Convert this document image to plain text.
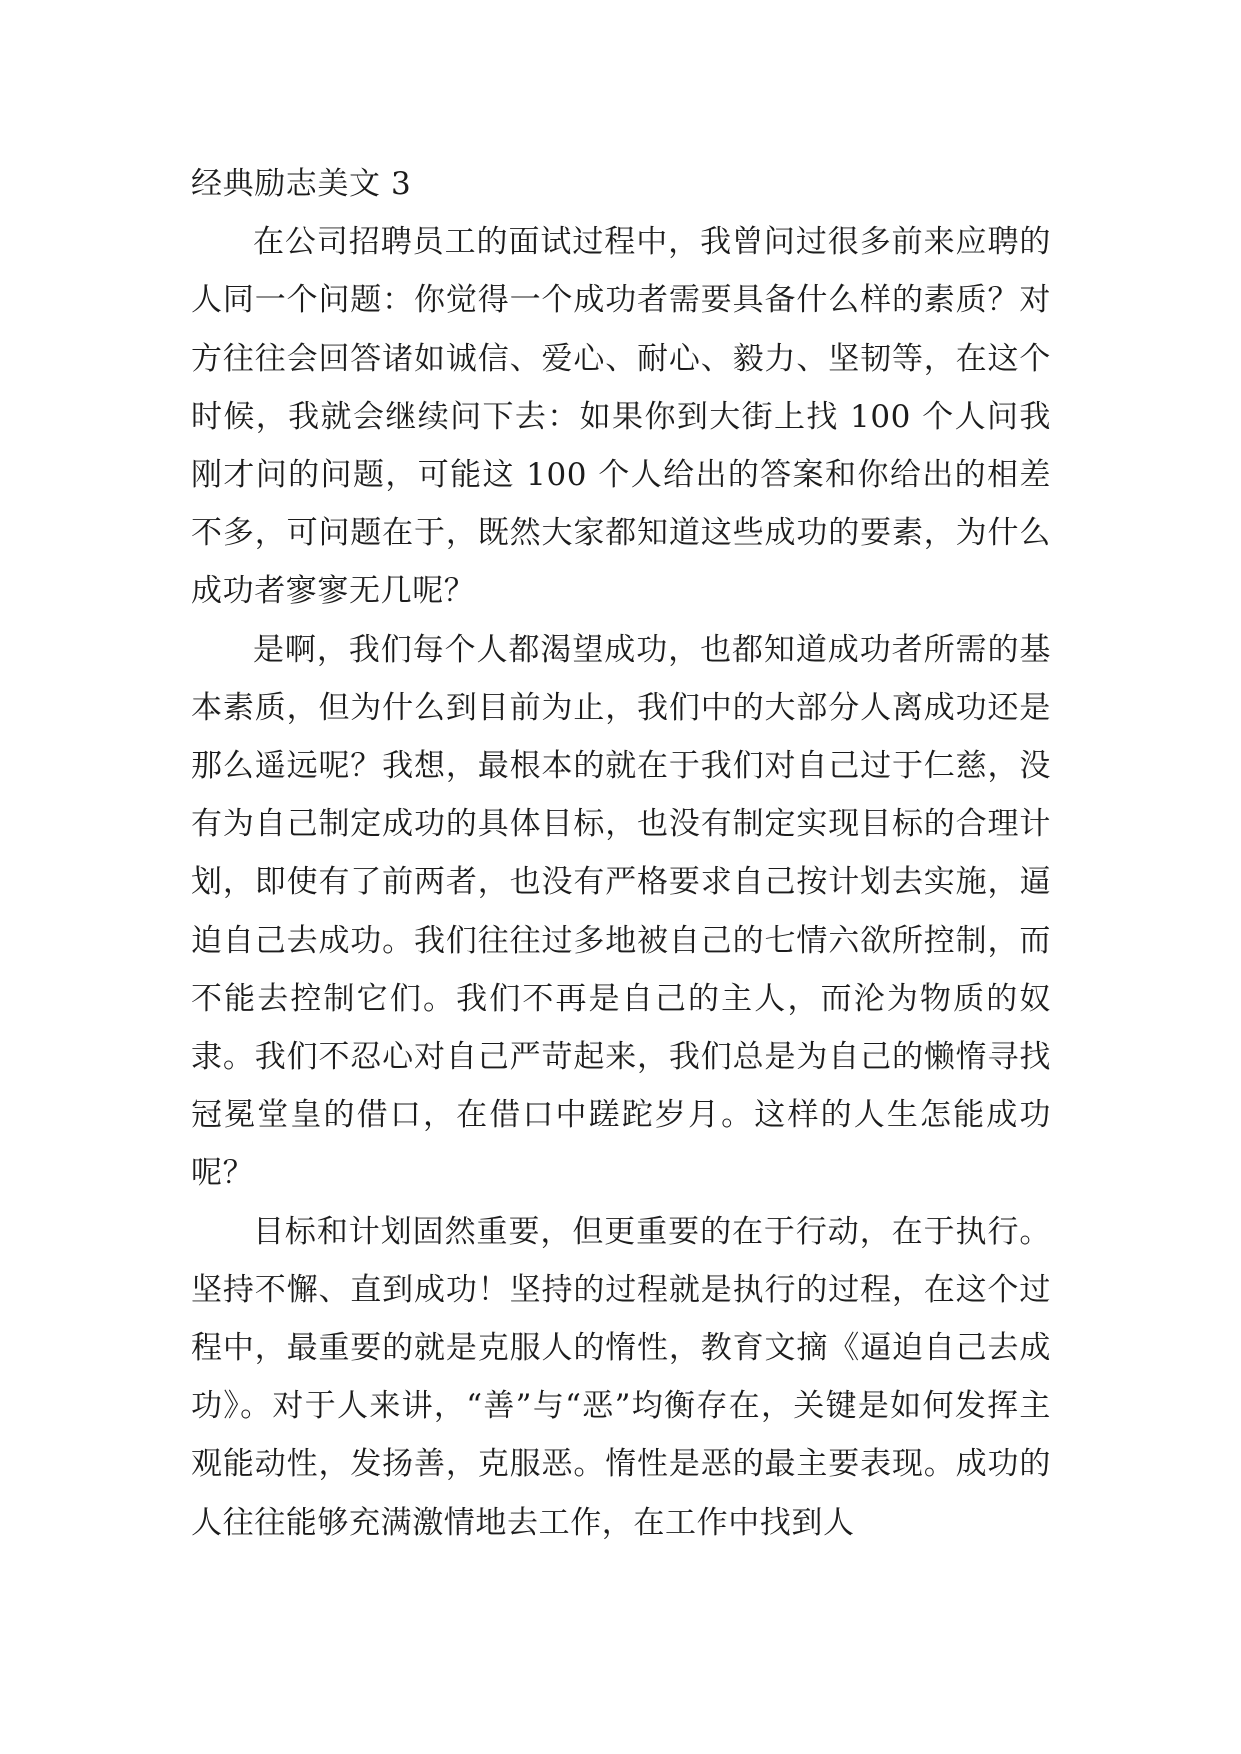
经典励志美文 3

在公司招聘员工的面试过程中，我曾问过很多前来应聘的人同一个问题：你觉得一个成功者需要具备什么样的素质？对方往往会回答诸如诚信、爱心、耐心、毅力、坚韧等，在这个时候，我就会继续问下去：如果你到大街上找 100 个人问我刚才问的问题，可能这 100 个人给出的答案和你给出的相差不多，可问题在于，既然大家都知道这些成功的要素，为什么成功者寥寥无几呢？

是啊，我们每个人都渴望成功，也都知道成功者所需的基本素质，但为什么到目前为止，我们中的大部分人离成功还是那么遥远呢？我想，最根本的就在于我们对自己过于仁慈，没有为自己制定成功的具体目标，也没有制定实现目标的合理计划，即使有了前两者，也没有严格要求自己按计划去实施，逼迫自己去成功。我们往往过多地被自己的七情六欲所控制，而不能去控制它们。我们不再是自己的主人，而沦为物质的奴隶。我们不忍心对自己严苛起来，我们总是为自己的懒惰寻找冠冕堂皇的借口，在借口中蹉跎岁月。这样的人生怎能成功呢？

目标和计划固然重要，但更重要的在于行动，在于执行。坚持不懈、直到成功！坚持的过程就是执行的过程，在这个过程中，最重要的就是克服人的惰性，教育文摘《逼迫自己去成功》。对于人来讲，“善”与“恶”均衡存在，关键是如何发挥主观能动性，发扬善，克服恶。惰性是恶的最主要表现。成功的人往往能够充满激情地去工作，在工作中找到人
